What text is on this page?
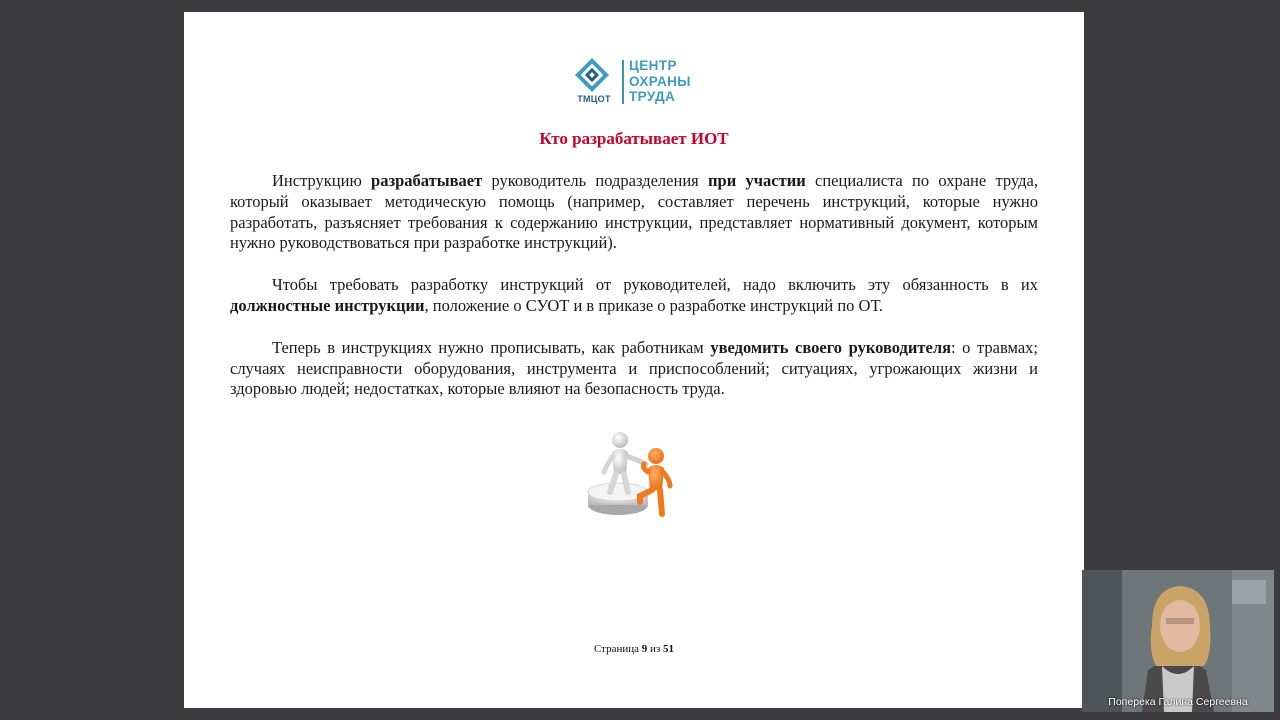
ТМЦОТ
ЦЕНТР
ОХРАНЫ
ТРУДА
Кто разрабатывает ИОТ

Инструкцию разрабатывает руководитель подразделения при участии специалиста по охране труда, который оказывает методическую помощь (например, составляет перечень инструкций, которые нужно разработать, разъясняет требования к содержанию инструкции, представляет нормативный документ, которым нужно руководствоваться при разработке инструкций).

Чтобы требовать разработку инструкций от руководителей, надо включить эту обязанность в их должностные инструкции, положение о СУОТ и в приказе о разработке инструкций по ОТ.

Теперь в инструкциях нужно прописывать, как работникам уведомить своего руководителя: о травмах; случаях неисправности оборудования, инструмента и приспособлений; ситуациях, угрожающих жизни и здоровью людей; недостатках, которые влияют на безопасность труда.

Страница 9 из 51
Поперека Галина Сергеевна
